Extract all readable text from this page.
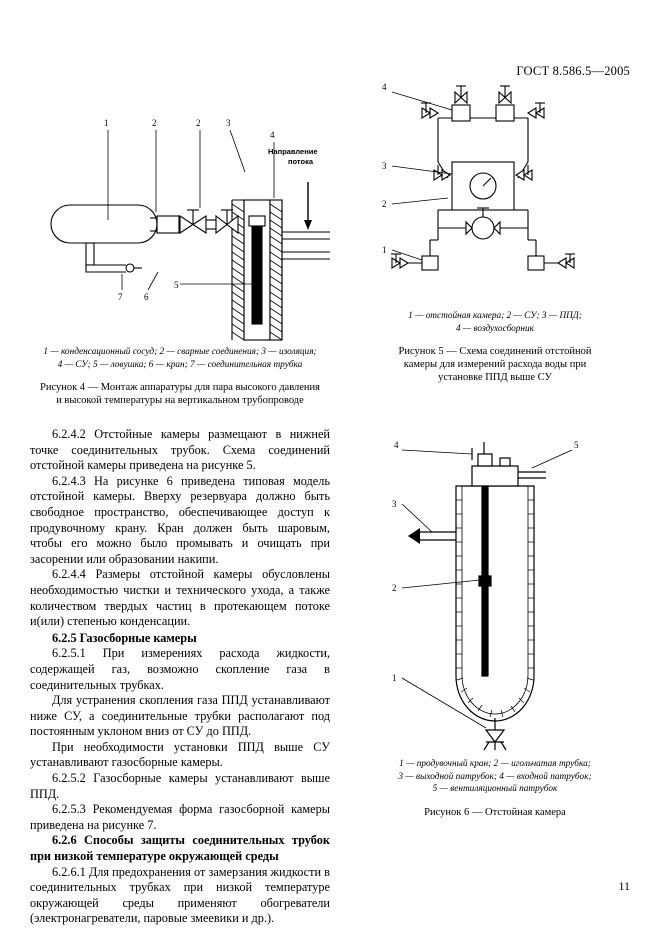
ГОСТ 8.586.5—2005
1	2	2	3
4
5
6
7
Направление
потока
1 — конденсационный сосуд; 2 — сварные соединения; 3 — изоляция;
4 — СУ; 5 — ловушка; 6 — кран; 7 — соединительная трубка
Рисунок 4 — Монтаж аппаратуры для пара высокого давления
и высокой температуры на вертикальном трубопроводе

6.2.4.2 Отстойные камеры размещают в нижней точке соединительных трубок. Схема соединений отстойной камеры приведена на рисунке 5.

6.2.4.3 На рисунке 6 приведена типовая модель отстойной камеры. Вверху резервуара должно быть свободное пространство, обеспечивающее доступ к продувочному крану. Кран должен быть шаровым, чтобы его можно было промывать и очищать при засорении или образовании накипи.

6.2.4.4 Размеры отстойной камеры обусловлены необходимостью чистки и технического ухода, а также количеством твердых частиц в протекающем потоке и(или) степенью конденсации.

6.2.5 Газосборные камеры

6.2.5.1 При измерениях расхода жидкости, содержащей газ, возможно скопление газа в соединительных трубках.

Для устранения скопления газа ППД устанавливают ниже СУ, а соединительные трубки располагают под постоянным уклоном вниз от СУ до ППД.

При необходимости установки ППД выше СУ устанавливают газосборные камеры.

6.2.5.2 Газосборные камеры устанавливают выше ППД.

6.2.5.3 Рекомендуемая форма газосборной камеры приведена на рисунке 7.

6.2.6 Способы защиты соединительных трубок при низкой температуре окружающей среды

6.2.6.1 Для предохранения от замерзания жидкости в соединительных трубках при низкой температуре окружающей среды применяют обогреватели (электронагреватели, паровые змеевики и др.).

4
3
2
1
1 — отстойная камера; 2 — СУ; 3 — ППД;
4 — воздухосборник
Рисунок 5 — Схема соединений отстойной
камеры для измерений расхода воды при
установке ППД выше СУ
4	5
3
2
1
1 — продувочный кран; 2 — игольчатая трубка;
3 — выходной патрубок; 4 — входной патрубок;
5 — вентиляционный патрубок
Рисунок 6 — Отстойная камера
11
